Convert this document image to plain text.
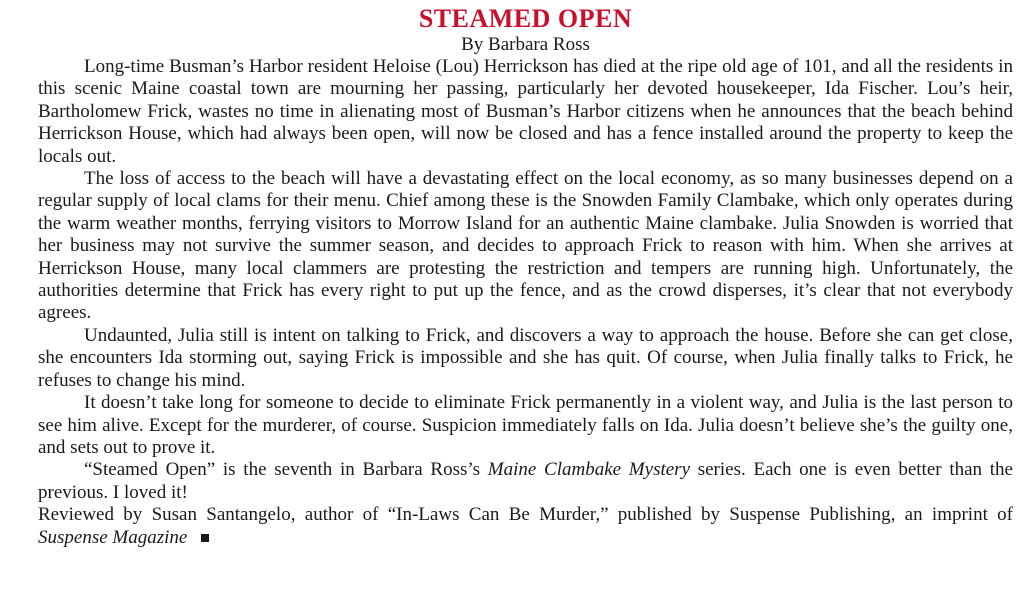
STEAMED OPEN
By Barbara Ross

Long-time Busman’s Harbor resident Heloise (Lou) Herrickson has died at the ripe old age of 101, and all the residents in this scenic Maine coastal town are mourning her passing, particularly her devoted housekeeper, Ida Fischer. Lou’s heir, Bartholomew Frick, wastes no time in alienating most of Busman’s Harbor citizens when he announces that the beach behind Herrickson House, which had always been open, will now be closed and has a fence installed around the property to keep the locals out.

The loss of access to the beach will have a devastating effect on the local economy, as so many businesses depend on a regular supply of local clams for their menu. Chief among these is the Snowden Family Clambake, which only operates during the warm weather months, ferrying visitors to Morrow Island for an authentic Maine clambake. Julia Snowden is worried that her business may not survive the summer season, and decides to approach Frick to reason with him. When she arrives at Herrickson House, many local clammers are protesting the restriction and tempers are running high. Unfortunately, the authorities determine that Frick has every right to put up the fence, and as the crowd disperses, it’s clear that not everybody agrees.

Undaunted, Julia still is intent on talking to Frick, and discovers a way to approach the house. Before she can get close, she encounters Ida storming out, saying Frick is impossible and she has quit. Of course, when Julia finally talks to Frick, he refuses to change his mind.

It doesn’t take long for someone to decide to eliminate Frick permanently in a violent way, and Julia is the last person to see him alive. Except for the murderer, of course. Suspicion immediately falls on Ida. Julia doesn’t believe she’s the guilty one, and sets out to prove it.

“Steamed Open” is the seventh in Barbara Ross’s Maine Clambake Mystery series. Each one is even better than the previous. I loved it!

Reviewed by Susan Santangelo, author of “In-Laws Can Be Murder,” published by Suspense Publishing, an imprint of Suspense Magazine
